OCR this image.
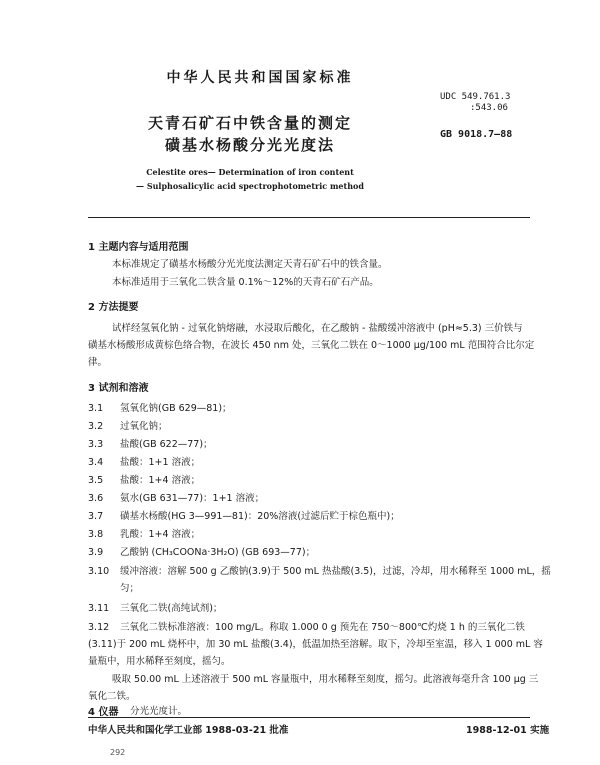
中华人民共和国国家标准
UDC 549.761.3
:543.06
GB 9018.7—88
天青石矿石中铁含量的测定
磺基水杨酸分光光度法
Celestite ores— Determination of iron content
— Sulphosalicylic acid spectrophotometric method
1 主题内容与适用范围
本标准规定了磺基水杨酸分光光度法测定天青石矿石中的铁含量。
本标准适用于三氧化二铁含量 0.1%～12%的天青石矿石产品。
2 方法提要
试样经氢氧化钠 - 过氧化钠熔融，水浸取后酸化，在乙酸钠 - 盐酸缓冲溶液中 (pH≈5.3) 三价铁与
磺基水杨酸形成黄棕色络合物，在波长 450 nm 处，三氧化二铁在 0～1000 μg/100 mL 范围符合比尔定
律。
3 试剂和溶液
3.1 氢氧化钠(GB 629—81)；
3.2 过氧化钠；
3.3 盐酸(GB 622—77)；
3.4 盐酸：1+1 溶液；
3.5 盐酸：1+4 溶液；
3.6 氨水(GB 631—77)：1+1 溶液；
3.7 磺基水杨酸(HG 3—991—81)：20%溶液(过滤后贮于棕色瓶中)；
3.8 乳酸：1+4 溶液；
3.9 乙酸钠 (CH₃COONa·3H₂O) (GB 693—77)；
3.10 缓冲溶液：溶解 500 g 乙酸钠(3.9)于 500 mL 热盐酸(3.5)，过滤，冷却，用水稀释至 1000 mL，摇
匀；
3.11 三氧化二铁(高纯试剂)；
3.12 三氧化二铁标准溶液：100 mg/L。称取 1.000 0 g 预先在 750～800℃灼烧 1 h 的三氧化二铁
(3.11)于 200 mL 烧杯中，加 30 mL 盐酸(3.4)，低温加热至溶解。取下，冷却至室温，移入 1 000 mL 容
量瓶中，用水稀释至刻度，摇匀。
吸取 50.00 mL 上述溶液于 500 mL 容量瓶中，用水稀释至刻度，摇匀。此溶液每毫升含 100 μg 三
氧化二铁。
4 仪器
中华人民共和国化学工业部 1988-03-21 批准	1988-12-01 实施
292
分光光度计。
